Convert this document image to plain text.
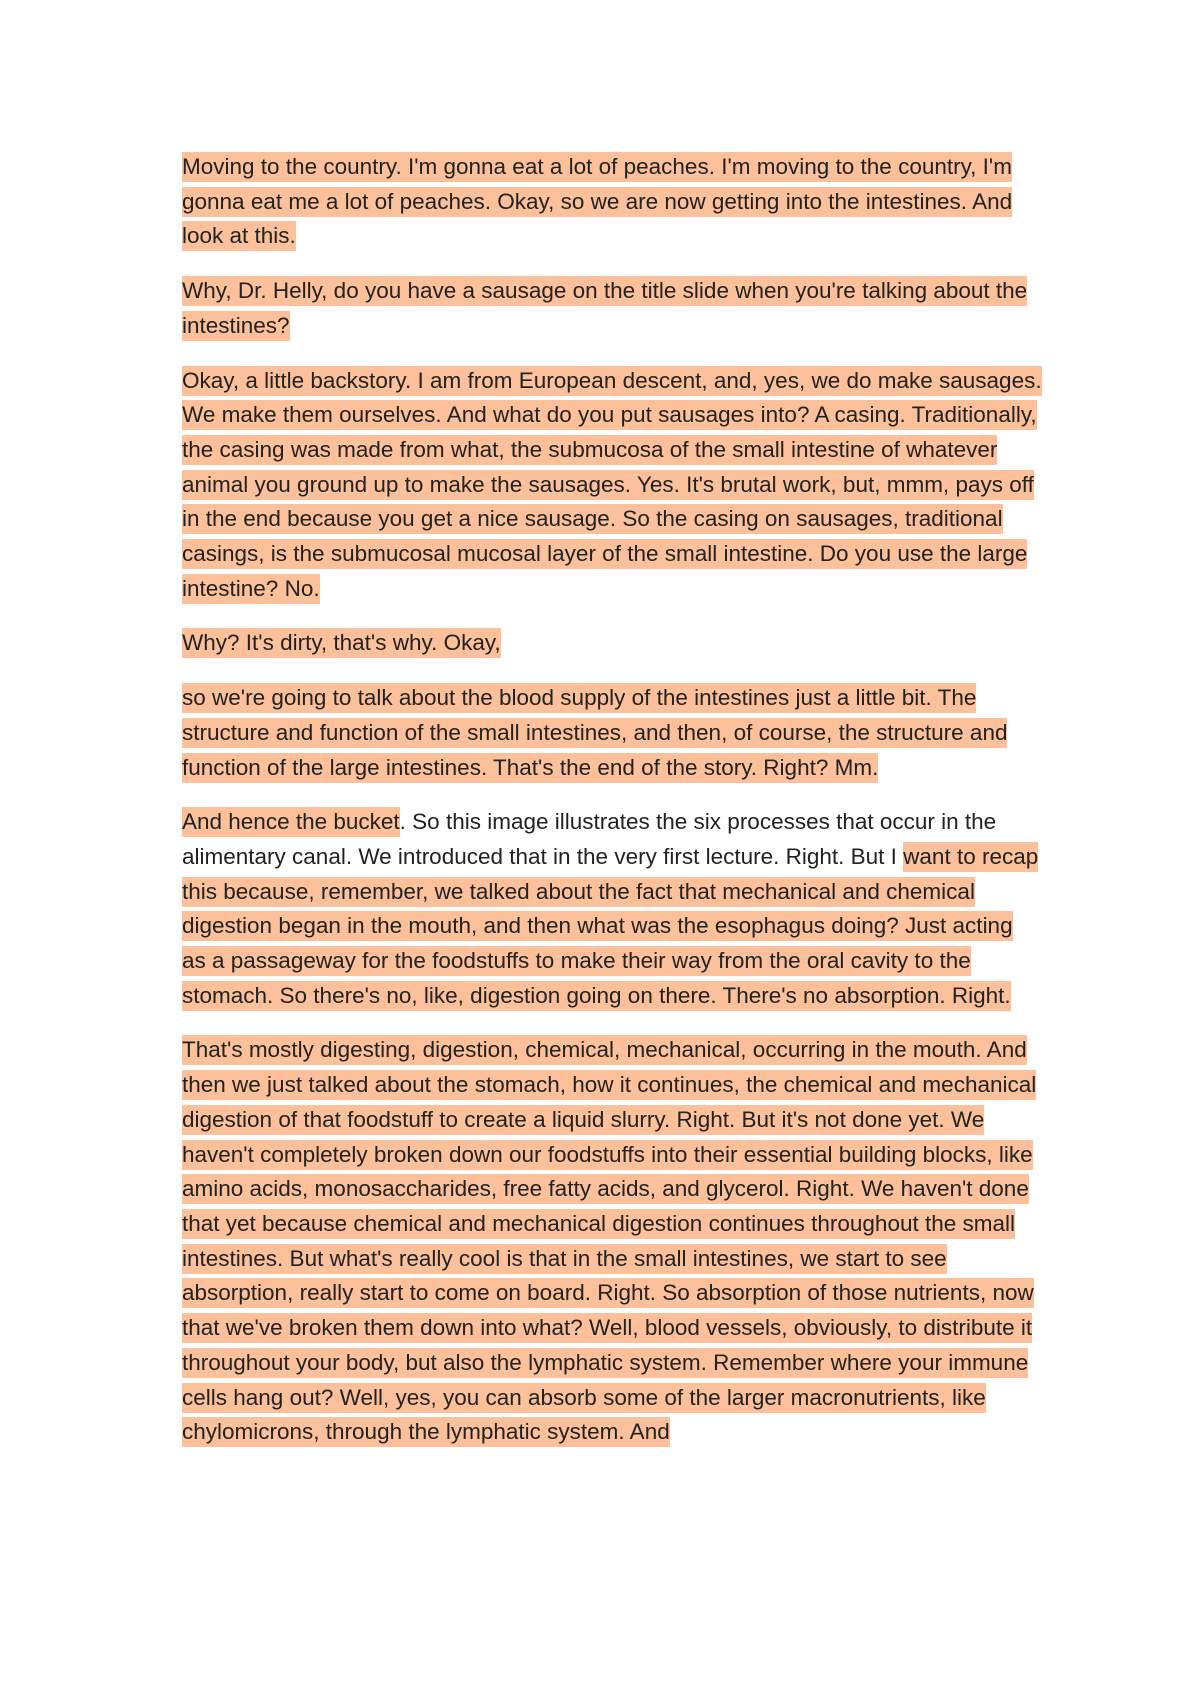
Moving to the country. I'm gonna eat a lot of peaches. I'm moving to the country, I'm gonna eat me a lot of peaches. Okay, so we are now getting into the intestines. And look at this.

Why, Dr. Helly, do you have a sausage on the title slide when you're talking about the intestines?

Okay, a little backstory. I am from European descent, and, yes, we do make sausages. We make them ourselves. And what do you put sausages into? A casing. Traditionally, the casing was made from what, the submucosa of the small intestine of whatever animal you ground up to make the sausages. Yes. It's brutal work, but, mmm, pays off in the end because you get a nice sausage. So the casing on sausages, traditional casings, is the submucosal mucosal layer of the small intestine. Do you use the large intestine? No.

Why? It's dirty, that's why. Okay,

so we're going to talk about the blood supply of the intestines just a little bit. The structure and function of the small intestines, and then, of course, the structure and function of the large intestines. That's the end of the story. Right? Mm.

And hence the bucket. So this image illustrates the six processes that occur in the alimentary canal. We introduced that in the very first lecture. Right. But I want to recap this because, remember, we talked about the fact that mechanical and chemical digestion began in the mouth, and then what was the esophagus doing? Just acting as a passageway for the foodstuffs to make their way from the oral cavity to the stomach. So there's no, like, digestion going on there. There's no absorption. Right.

That's mostly digesting, digestion, chemical, mechanical, occurring in the mouth. And then we just talked about the stomach, how it continues, the chemical and mechanical digestion of that foodstuff to create a liquid slurry. Right. But it's not done yet. We haven't completely broken down our foodstuffs into their essential building blocks, like amino acids, monosaccharides, free fatty acids, and glycerol. Right. We haven't done that yet because chemical and mechanical digestion continues throughout the small intestines. But what's really cool is that in the small intestines, we start to see absorption, really start to come on board. Right. So absorption of those nutrients, now that we've broken them down into what? Well, blood vessels, obviously, to distribute it throughout your body, but also the lymphatic system. Remember where your immune cells hang out? Well, yes, you can absorb some of the larger macronutrients, like chylomicrons, through the lymphatic system. And
